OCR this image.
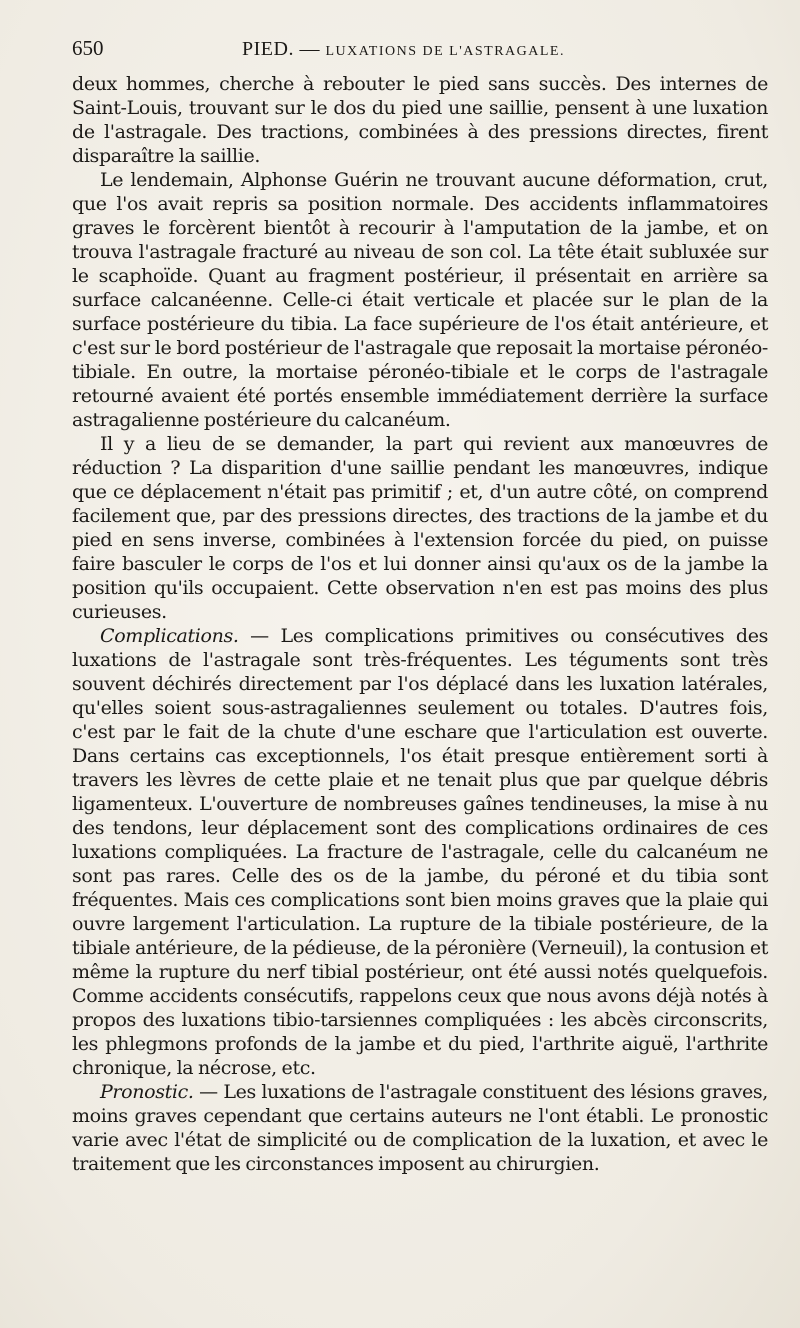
650	PIED. — LUXATIONS DE L'ASTRAGALE.

deux hommes, cherche à rebouter le pied sans succès. Des internes de Saint-Louis, trouvant sur le dos du pied une saillie, pensent à une luxation de l'astragale. Des tractions, combinées à des pressions directes, firent disparaître la saillie.

Le lendemain, Alphonse Guérin ne trouvant aucune déformation, crut, que l'os avait repris sa position normale. Des accidents inflammatoires graves le forcèrent bientôt à recourir à l'amputation de la jambe, et on trouva l'astragale fracturé au niveau de son col. La tête était subluxée sur le scaphoïde. Quant au fragment postérieur, il présentait en arrière sa surface calcanéenne. Celle-ci était verticale et placée sur le plan de la surface postérieure du tibia. La face supérieure de l'os était antérieure, et c'est sur le bord postérieur de l'astragale que reposait la mortaise péronéo-tibiale. En outre, la mortaise péronéo-tibiale et le corps de l'astragale retourné avaient été portés ensemble immédiatement derrière la surface astragalienne postérieure du calcanéum.

Il y a lieu de se demander, la part qui revient aux manœuvres de réduction ? La disparition d'une saillie pendant les manœuvres, indique que ce déplacement n'était pas primitif ; et, d'un autre côté, on comprend facilement que, par des pressions directes, des tractions de la jambe et du pied en sens inverse, combinées à l'extension forcée du pied, on puisse faire basculer le corps de l'os et lui donner ainsi qu'aux os de la jambe la position qu'ils occupaient. Cette observation n'en est pas moins des plus curieuses.

Complications. — Les complications primitives ou consécutives des luxations de l'astragale sont très-fréquentes. Les téguments sont très souvent déchirés directement par l'os déplacé dans les luxation latérales, qu'elles soient sous-astragaliennes seulement ou totales. D'autres fois, c'est par le fait de la chute d'une eschare que l'articulation est ouverte. Dans certains cas exceptionnels, l'os était presque entièrement sorti à travers les lèvres de cette plaie et ne tenait plus que par quelque débris ligamenteux. L'ouverture de nombreuses gaînes tendineuses, la mise à nu des tendons, leur déplacement sont des complications ordinaires de ces luxations compliquées. La fracture de l'astragale, celle du calcanéum ne sont pas rares. Celle des os de la jambe, du péroné et du tibia sont fréquentes. Mais ces complications sont bien moins graves que la plaie qui ouvre largement l'articulation. La rupture de la tibiale postérieure, de la tibiale antérieure, de la pédieuse, de la péronière (Verneuil), la contusion et même la rupture du nerf tibial postérieur, ont été aussi notés quelquefois. Comme accidents consécutifs, rappelons ceux que nous avons déjà notés à propos des luxations tibio-tarsiennes compliquées : les abcès circonscrits, les phlegmons profonds de la jambe et du pied, l'arthrite aiguë, l'arthrite chronique, la nécrose, etc.

Pronostic. — Les luxations de l'astragale constituent des lésions graves, moins graves cependant que certains auteurs ne l'ont établi. Le pronostic varie avec l'état de simplicité ou de complication de la luxation, et avec le traitement que les circonstances imposent au chirurgien.
